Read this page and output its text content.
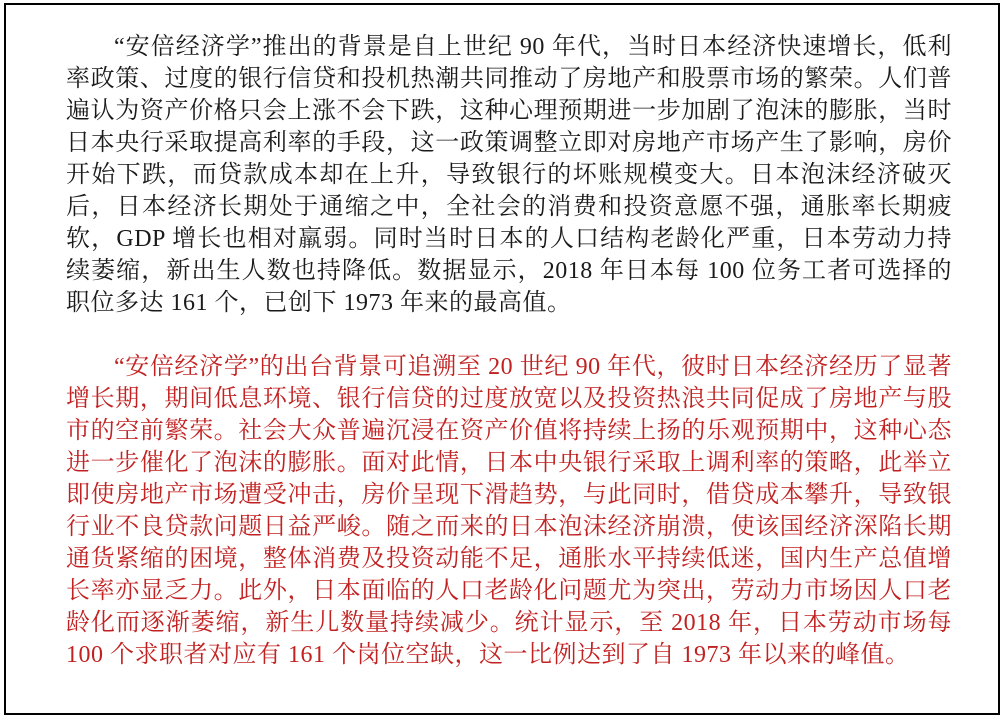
“安倍经济学”推出的背景是自上世纪 90 年代，当时日本经济快速增长，低利率政策、过度的银行信贷和投机热潮共同推动了房地产和股票市场的繁荣。人们普遍认为资产价格只会上涨不会下跌，这种心理预期进一步加剧了泡沫的膨胀，当时日本央行采取提高利率的手段，这一政策调整立即对房地产市场产生了影响，房价开始下跌，而贷款成本却在上升，导致银行的坏账规模变大。日本泡沫经济破灭后，日本经济长期处于通缩之中，全社会的消费和投资意愿不强，通胀率长期疲软，GDP 增长也相对羸弱。同时当时日本的人口结构老龄化严重，日本劳动力持续萎缩，新出生人数也持降低。数据显示，2018 年日本每 100 位务工者可选择的职位多达 161 个，已创下 1973 年来的最高值。

“安倍经济学”的出台背景可追溯至 20 世纪 90 年代，彼时日本经济经历了显著增长期，期间低息环境、银行信贷的过度放宽以及投资热浪共同促成了房地产与股市的空前繁荣。社会大众普遍沉浸在资产价值将持续上扬的乐观预期中，这种心态进一步催化了泡沫的膨胀。面对此情，日本中央银行采取上调利率的策略，此举立即使房地产市场遭受冲击，房价呈现下滑趋势，与此同时，借贷成本攀升，导致银行业不良贷款问题日益严峻。随之而来的日本泡沫经济崩溃，使该国经济深陷长期通货紧缩的困境，整体消费及投资动能不足，通胀水平持续低迷，国内生产总值增长率亦显乏力。此外，日本面临的人口老龄化问题尤为突出，劳动力市场因人口老龄化而逐渐萎缩，新生儿数量持续减少。统计显示，至 2018 年，日本劳动市场每 100 个求职者对应有 161 个岗位空缺，这一比例达到了自 1973 年以来的峰值。
